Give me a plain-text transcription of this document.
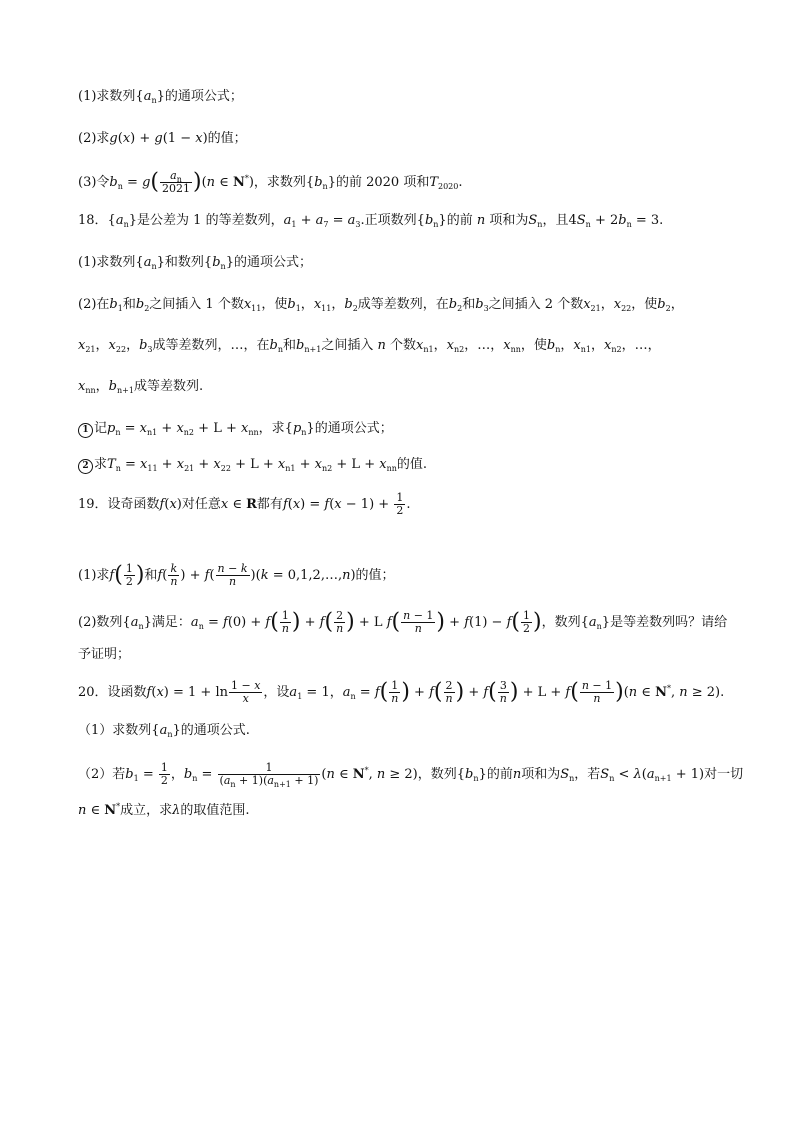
(1)求数列$\{a_n\}$的通项公式；
(2)求g(x) + g(1 − x)的值；
(3)令$b_n = g( \frac{a_n}{2021} )(n$ ∈ N*)，求数列$\{b_n\}$的前 2020 项和$T_{2020}$.
18．$\{a_n\}$是公差为 1 的等差数列，$a_1 + a_7 = a_3$.正项数列$\{b_n\}$的前 n 项和为$S_n$，且$4S_n + 2b_n = 3$.
(1)求数列$\{a_n\}$和数列$\{b_n\}$的通项公式；
(2)在$b_1$和$b_2$之间插入 1 个数$x_{11}$，使$b_1$，$x_{11}$，$b_2$成等差数列，在$b_2$和$b_3$之间插入 2 个数$x_{21}$，$x_{22}$，使$b_2$，
$x_{21}$，$x_{22}$，$b_3$成等差数列，…，在$b_n$和$b_{n+1}$之间插入 n 个数$x_{n1}$，$x_{n2}$，…，$x_{nn}$，使$b_n$，$x_{n1}$，$x_{n2}$，…，
$x_{nn}$，$b_{n+1}$成等差数列.
1 记$p_n = x_{n1} + x_{n2} + L + x_{nn}$，求$\{p_n\}$的通项公式；
2 求$T_n = x_{11} + x_{21} + x_{22} + L + x_{n1} + x_{n2} + L + x_{nn}$的值.
19．设奇函数f(x)对任意x ∈ R都有$f(x) = f(x - 1) + \frac{1}{2}$ .
(1)求$f( \frac{1}{2}$ )和$f( \frac{k}{n}$ ) + $f( \frac{n - k}{n} )(k$ = 0,1,2,…,n)的值；
(2)数列$\{a_n\}$满足：$a_n = f(0) + f( \frac{1}{n}$ ) + $f( \frac{2}{n}$ ) + L $f( \frac{n - 1}{n}$ ) + $f(1) - f( \frac{1}{2}$ )，数列$\{a_n\}$是等差数列吗？请给
予证明；
20．设函数$f(x) = 1 + \ln \frac{1 - x}{x}$ ，设$a_1 = 1$，$a_n = f( \frac{1}{n}$ ) + $f( \frac{2}{n}$ ) + $f( \frac{3}{n}$ ) + $L + f( \frac{n - 1}{n} )(n$ ∈ N*, n ≥ 2).
（1）求数列$\{a_n\}$的通项公式.
（2）若$b_1 = \frac{1}{2}$ ，$b_n = \frac{1}{(a_n + 1)(a_{n+1} + 1)} (n$ ∈ N*, n ≥ 2)，数列$\{b_n\}$的前n项和为$S_n$，若$S_n < \lambda(a_{n+1} + 1)$对一切
n ∈ N*成立，求λ的取值范围.
